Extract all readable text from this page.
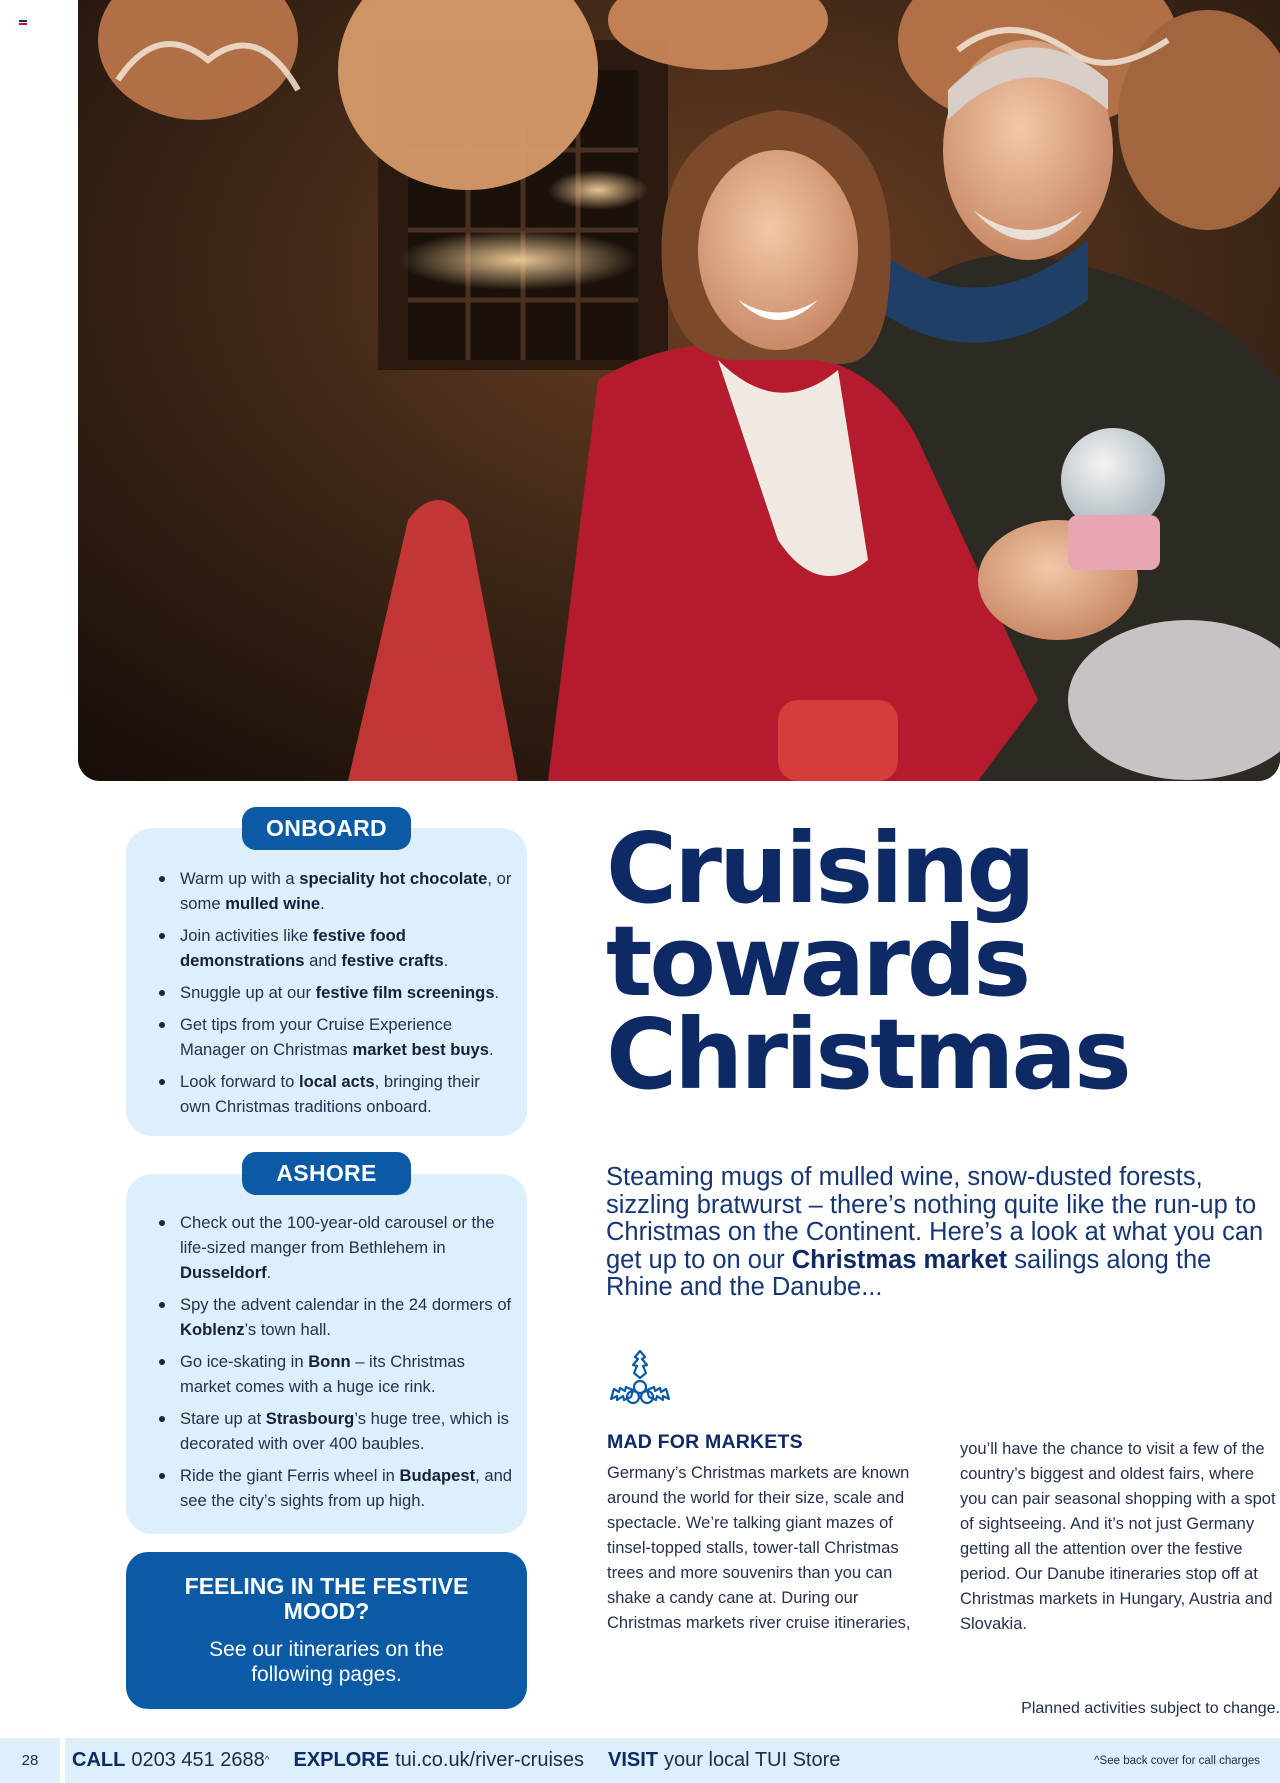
Warm up with a speciality hot chocolate, or some mulled wine.
Join activities like festive food demonstrations and festive crafts.
Snuggle up at our festive film screenings.
Get tips from your Cruise Experience Manager on Christmas market best buys.
Look forward to local acts, bringing their own Christmas traditions onboard.
ONBOARD
Check out the 100-year-old carousel or the life-sized manger from Bethlehem in Dusseldorf.
Spy the advent calendar in the 24 dormers of Koblenz’s town hall.
Go ice-skating in Bonn – its Christmas market comes with a huge ice rink.
Stare up at Strasbourg’s huge tree, which is decorated with over 400 baubles.
Ride the giant Ferris wheel in Budapest, and see the city’s sights from up high.
ASHORE
FEELING IN THE FESTIVE MOOD?
See our itineraries on the following pages.
Cruising
towards
Christmas

Steaming mugs of mulled wine, snow-dusted forests, sizzling bratwurst – there’s nothing quite like the run-up to Christmas on the Continent. Here’s a look at what you can get up to on our Christmas market sailings along the Rhine and the Danube...

MAD FOR MARKETS

Germany’s Christmas markets are known around the world for their size, scale and spectacle. We’re talking giant mazes of tinsel-topped stalls, tower-tall Christmas trees and more souvenirs than you can shake a candy cane at. During our Christmas markets river cruise itineraries,

you’ll have the chance to visit a few of the country’s biggest and oldest fairs, where you can pair seasonal shopping with a spot of sightseeing. And it’s not just Germany getting all the attention over the festive period. Our Danube itineraries stop off at Christmas markets in Hungary, Austria and Slovakia.

Planned activities subject to change.
28	CALL 0203 451 2688 ^ EXPLORE tui.co.uk/river-cruises VISIT your local TUI Store	^See back cover for call charges
